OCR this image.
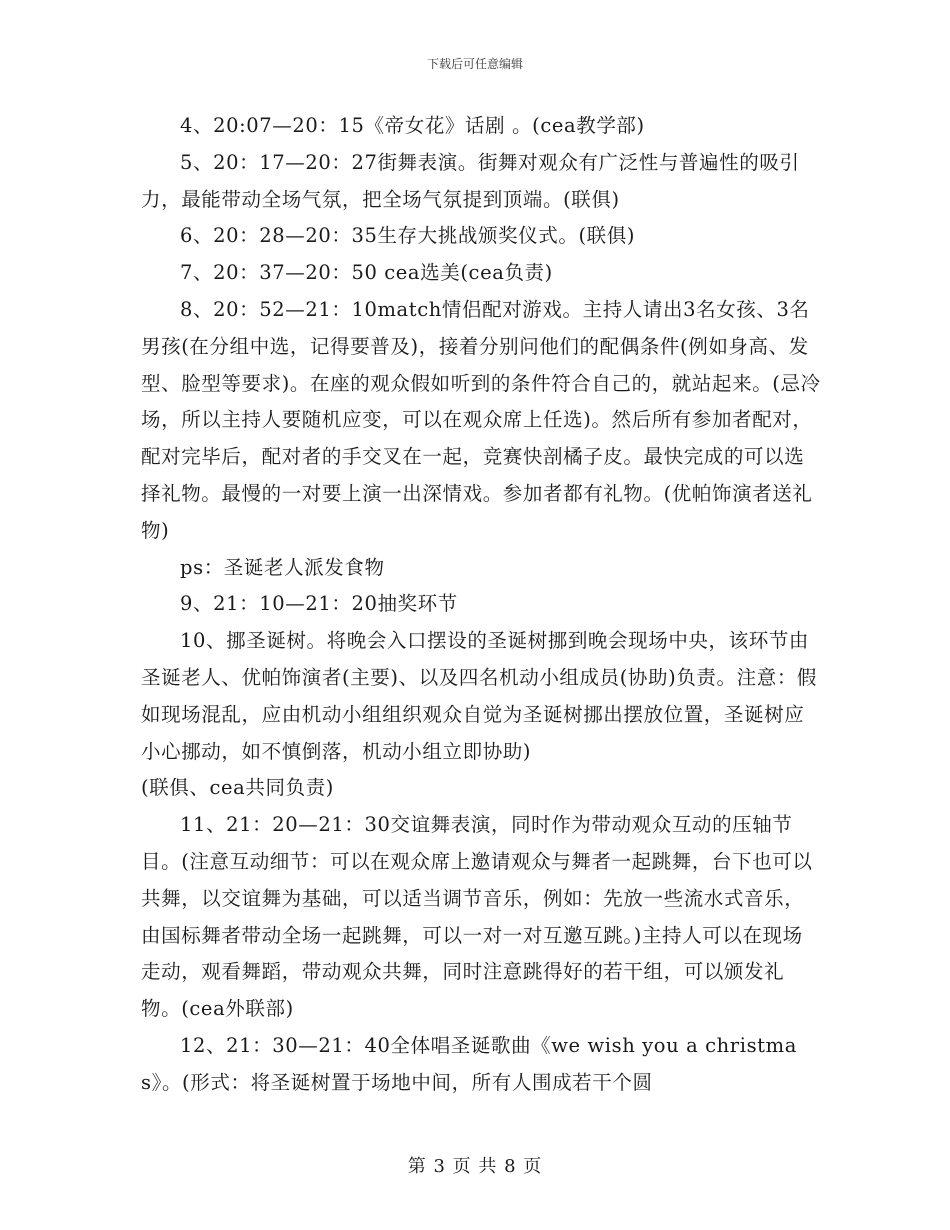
下载后可任意编辑

4、20:07—20：15《帝女花》话剧 。(cea教学部)

5、20：17—20：27街舞表演。街舞对观众有广泛性与普遍性的吸引力，最能带动全场气氛，把全场气氛提到顶端。(联俱)

6、20：28—20：35生存大挑战颁奖仪式。(联俱)

7、20：37—20：50 cea选美(cea负责)

8、20：52—21：10match情侣配对游戏。主持人请出3名女孩、3名男孩(在分组中选，记得要普及)，接着分别问他们的配偶条件(例如身高、发型、脸型等要求)。在座的观众假如听到的条件符合自己的，就站起来。(忌冷场，所以主持人要随机应变，可以在观众席上任选)。然后所有参加者配对， 配对完毕后，配对者的手交叉在一起，竞赛快剖橘子皮。最快完成的可以选择礼物。最慢的一对要上演一出深情戏。参加者都有礼物。(优帕饰演者送礼物)

ps：圣诞老人派发食物

9、21：10—21：20抽奖环节

10、挪圣诞树。将晚会入口摆设的圣诞树挪到晚会现场中央，该环节由圣诞老人、优帕饰演者(主要)、以及四名机动小组成员(协助)负责。注意：假如现场混乱，应由机动小组组织观众自觉为圣诞树挪出摆放位置，圣诞树应小心挪动，如不慎倒落，机动小组立即协助)

(联俱、cea共同负责)

11、21：20—21：30交谊舞表演，同时作为带动观众互动的压轴节目。(注意互动细节：可以在观众席上邀请观众与舞者一起跳舞，台下也可以共舞，以交谊舞为基础，可以适当调节音乐，例如：先放一些流水式音乐，由国标舞者带动全场一起跳舞，可以一对一对互邀互跳。)主持人可以在现场走动，观看舞蹈，带动观众共舞，同时注意跳得好的若干组，可以颁发礼物。(cea外联部)

12、21：30—21：40全体唱圣诞歌曲《we wish you a christmas》。(形式：将圣诞树置于场地中间，所有人围成若干个圆

第 3 页 共 8 页
